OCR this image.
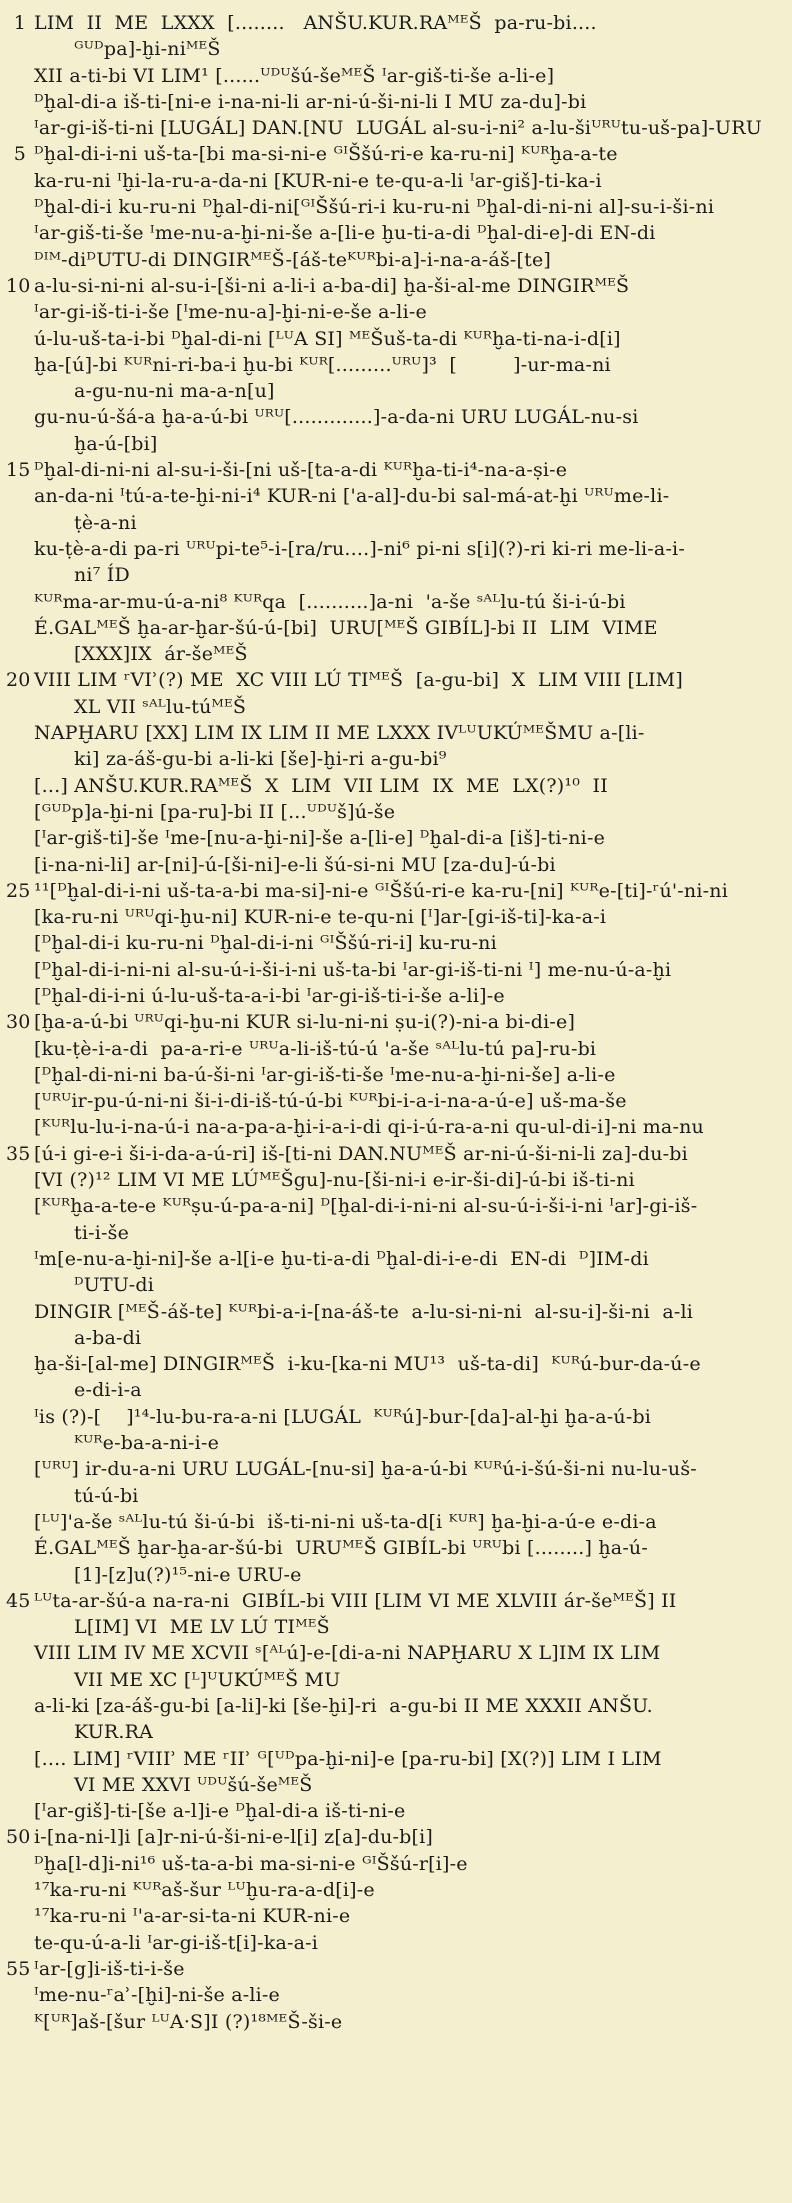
1 LIM  II  ME  LXXX  [........   ANŠU.KUR.RAᴹᴱŠ  pa-ru-bi....
ᴳᵁᴰpa]-ḫi-niᴹᴱŠ
XII a-ti-bi VI LIM¹ [......ᵁᴰᵁšú-šeᴹᴱŠ ᴵar-giš-ti-še a-li-e]
ᴰḫal-di-a iš-ti-[ni-e i-na-ni-li ar-ni-ú-ši-ni-li I MU za-du]-bi
ᴵar-gi-iš-ti-ni [LUGÁL] DAN.[NU  LUGÁL al-su-i-ni² a-lu-šiᵁᴿᵁtu-uš-pa]-URU
5 ᴰḫal-di-i-ni uš-ta-[bi ma-si-ni-e ᴳᴵŠšú-ri-e ka-ru-ni] ᴷᵁᴿḫa-a-te
ka-ru-ni ᴵḫi-la-ru-a-da-ni [KUR-ni-e te-qu-a-li ᴵar-giš]-ti-ka-i
ᴰḫal-di-i ku-ru-ni ᴰḫal-di-ni[ᴳᴵŠšú-ri-i ku-ru-ni ᴰḫal-di-ni-ni al]-su-i-ši-ni
ᴵar-giš-ti-še ᴵme-nu-a-ḫi-ni-še a-[li-e ḫu-ti-a-di ᴰḫal-di-e]-di EN-di
ᴰᴵᴹ-diᴰUTU-di DINGIRᴹᴱŠ-[áš-teᴷᵁᴿbi-a]-i-na-a-áš-[te]
10 a-lu-si-ni-ni al-su-i-[ši-ni a-li-i a-ba-di] ḫa-ši-al-me DINGIRᴹᴱŠ
ᴵar-gi-iš-ti-i-še [ᴵme-nu-a]-ḫi-ni-e-še a-li-e
ú-lu-uš-ta-i-bi ᴰḫal-di-ni [ᴸᵁA SI] ᴹᴱŠuš-ta-di ᴷᵁᴿḫa-ti-na-i-d[i]
ḫa-[ú]-bi ᴷᵁᴿni-ri-ba-i ḫu-bi ᴷᵁᴿ[.........ᵁᴿᵁ]³  [         ]-ur-ma-ni
a-gu-nu-ni ma-a-n[u]
gu-nu-ú-šá-a ḫa-a-ú-bi ᵁᴿᵁ[.............]-a-da-ni URU LUGÁL-nu-si
ḫa-ú-[bi]
15 ᴰḫal-di-ni-ni al-su-i-ši-[ni uš-[ta-a-di ᴷᵁᴿḫa-ti-i⁴-na-a-ṣi-e
an-da-ni ᴵtú-a-te-ḫi-ni-i⁴ KUR-ni ['a-al]-du-bi sal-má-at-ḫi ᵁᴿᵁme-li-
ṭè-a-ni
ku-ṭè-a-di pa-ri ᵁᴿᵁpi-te⁵-i-[ra/ru....]-ni⁶ pi-ni s[i](?)-ri ki-ri me-li-a-i-
ni⁷ ÍD
ᴷᵁᴿma-ar-mu-ú-a-ni⁸ ᴷᵁᴿqa  [..........]a-ni  'a-še ˢᴬᴸlu-tú ši-i-ú-bi
É.GALᴹᴱŠ ḫa-ar-ḫar-šú-ú-[bi]  URU[ᴹᴱŠ GIBÍL]-bi II  LIM  VIME
[XXX]IX  ár-šeᴹᴱŠ
20 VIII LIM ʳVIʾ(?) ME  XC VIII LÚ TIᴹᴱŠ  [a-gu-bi]  X  LIM VIII [LIM]
XL VII ˢᴬᴸlu-túᴹᴱŠ
NAPḪARU [XX] LIM IX LIM II ME LXXX IVᴸᵁUKÚᴹᴱŠMU a-[li-
ki] za-áš-gu-bi a-li-ki [še]-ḫi-ri a-gu-bi⁹
[...] ANŠU.KUR.RAᴹᴱŠ  X  LIM  VII LIM  IX  ME  LX(?)¹⁰  II
[ᴳᵁᴰp]a-ḫi-ni [pa-ru]-bi II [...ᵁᴰᵁš]ú-še
[ᴵar-giš-ti]-še ᴵme-[nu-a-ḫi-ni]-še a-[li-e] ᴰḫal-di-a [iš]-ti-ni-e
[i-na-ni-li] ar-[ni]-ú-[ši-ni]-e-li šú-si-ni MU [za-du]-ú-bi
25 ¹¹[ᴰḫal-di-i-ni uš-ta-a-bi ma-si]-ni-e ᴳᴵŠšú-ri-e ka-ru-[ni] ᴷᵁᴿe-[ti]-ʳú'-ni-ni
[ka-ru-ni ᵁᴿᵁqi-ḫu-ni] KUR-ni-e te-qu-ni [ᴵ]ar-[gi-iš-ti]-ka-a-i
[ᴰḫal-di-i ku-ru-ni ᴰḫal-di-i-ni ᴳᴵŠšú-ri-i] ku-ru-ni
[ᴰḫal-di-i-ni-ni al-su-ú-i-ši-i-ni uš-ta-bi ᴵar-gi-iš-ti-ni ᴵ] me-nu-ú-a-ḫi
[ᴰḫal-di-i-ni ú-lu-uš-ta-a-i-bi ᴵar-gi-iš-ti-i-še a-li]-e
30 [ḫa-a-ú-bi ᵁᴿᵁqi-ḫu-ni KUR si-lu-ni-ni ṣu-i(?)-ni-a bi-di-e]
[ku-ṭè-i-a-di  pa-a-ri-e ᵁᴿᵁa-li-iš-tú-ú 'a-še ˢᴬᴸlu-tú pa]-ru-bi
[ᴰḫal-di-ni-ni ba-ú-ši-ni ᴵar-gi-iš-ti-še ᴵme-nu-a-ḫi-ni-še] a-li-e
[ᵁᴿᵁir-pu-ú-ni-ni ši-i-di-iš-tú-ú-bi ᴷᵁᴿbi-i-a-i-na-a-ú-e] uš-ma-še
[ᴷᵁᴿlu-lu-i-na-ú-i na-a-pa-a-ḫi-i-a-i-di qi-i-ú-ra-a-ni qu-ul-di-i]-ni ma-nu
35 [ú-i gi-e-i ši-i-da-a-ú-ri] iš-[ti-ni DAN.NUᴹᴱŠ ar-ni-ú-ši-ni-li za]-du-bi
[VI (?)¹² LIM VI ME LÚᴹᴱŠgu]-nu-[ši-ni-i e-ir-ši-di]-ú-bi iš-ti-ni
[ᴷᵁᴿḫa-a-te-e ᴷᵁᴿṣu-ú-pa-a-ni] ᴰ[ḫal-di-i-ni-ni al-su-ú-i-ši-i-ni ᴵar]-gi-iš-
ti-i-še
ᴵm[e-nu-a-ḫi-ni]-še a-l[i-e ḫu-ti-a-di ᴰḫal-di-i-e-di  EN-di  ᴰ]IM-di
ᴰUTU-di
DINGIR [ᴹᴱŠ-áš-te] ᴷᵁᴿbi-a-i-[na-áš-te  a-lu-si-ni-ni  al-su-i]-ši-ni  a-li
a-ba-di
ḫa-ši-[al-me] DINGIRᴹᴱŠ  i-ku-[ka-ni MU¹³  uš-ta-di]  ᴷᵁᴿú-bur-da-ú-e
e-di-i-a
ᴵis (?)-[    ]¹⁴-lu-bu-ra-a-ni [LUGÁL  ᴷᵁᴿú]-bur-[da]-al-ḫi ḫa-a-ú-bi
ᴷᵁᴿe-ba-a-ni-i-e
[ᵁᴿᵁ] ir-du-a-ni URU LUGÁL-[nu-si] ḫa-a-ú-bi ᴷᵁᴿú-i-šú-ši-ni nu-lu-uš-
tú-ú-bi
[ᴸᵁ]'a-še ˢᴬᴸlu-tú ši-ú-bi  iš-ti-ni-ni uš-ta-d[i ᴷᵁᴿ] ḫa-ḫi-a-ú-e e-di-a
É.GALᴹᴱŠ ḫar-ḫa-ar-šú-bi  URUᴹᴱŠ GIBÍL-bi ᵁᴿᵁbi [........] ḫa-ú-
[1]-[z]u(?)¹⁵-ni-e URU-e
45 ᴸᵁta-ar-šú-a na-ra-ni  GIBÍL-bi VIII [LIM VI ME XLVIII ár-šeᴹᴱŠ] II
L[IM] VI  ME LV LÚ TIᴹᴱŠ
VIII LIM IV ME XCVII ˢ[ᴬᴸú]-e-[di-a-ni NAPḪARU X L]IM IX LIM
VII ME XC [ᴸ]ᵁUKÚᴹᴱŠ MU
a-li-ki [za-áš-gu-bi [a-li]-ki [še-ḫi]-ri  a-gu-bi II ME XXXII ANŠU.
KUR.RA
[.... LIM] ʳVIIIʾ ME ʳIIʾ ᴳ[ᵁᴰpa-ḫi-ni]-e [pa-ru-bi] [X(?)] LIM I LIM
VI ME XXVI ᵁᴰᵁšú-šeᴹᴱŠ
[ᴵar-giš]-ti-[še a-l]i-e ᴰḫal-di-a iš-ti-ni-e
50 i-[na-ni-l]i [a]r-ni-ú-ši-ni-e-l[i] z[a]-du-b[i]
ᴰḫa[l-d]i-ni¹⁶ uš-ta-a-bi ma-si-ni-e ᴳᴵŠšú-r[i]-e
¹⁷ka-ru-ni ᴷᵁᴿaš-šur ᴸᵁḫu-ra-a-d[i]-e
¹⁷ka-ru-ni ᴵ'a-ar-si-ta-ni KUR-ni-e
te-qu-ú-a-li ᴵar-gi-iš-t[i]-ka-a-i
55 ᴵar-[g]i-iš-ti-i-še
ᴵme-nu-ʳaʾ-[ḫi]-ni-še a-li-e
ᴷ[ᵁᴿ]aš-[šur ᴸᵁA·S]I (?)¹⁸ᴹᴱŠ-ši-e
